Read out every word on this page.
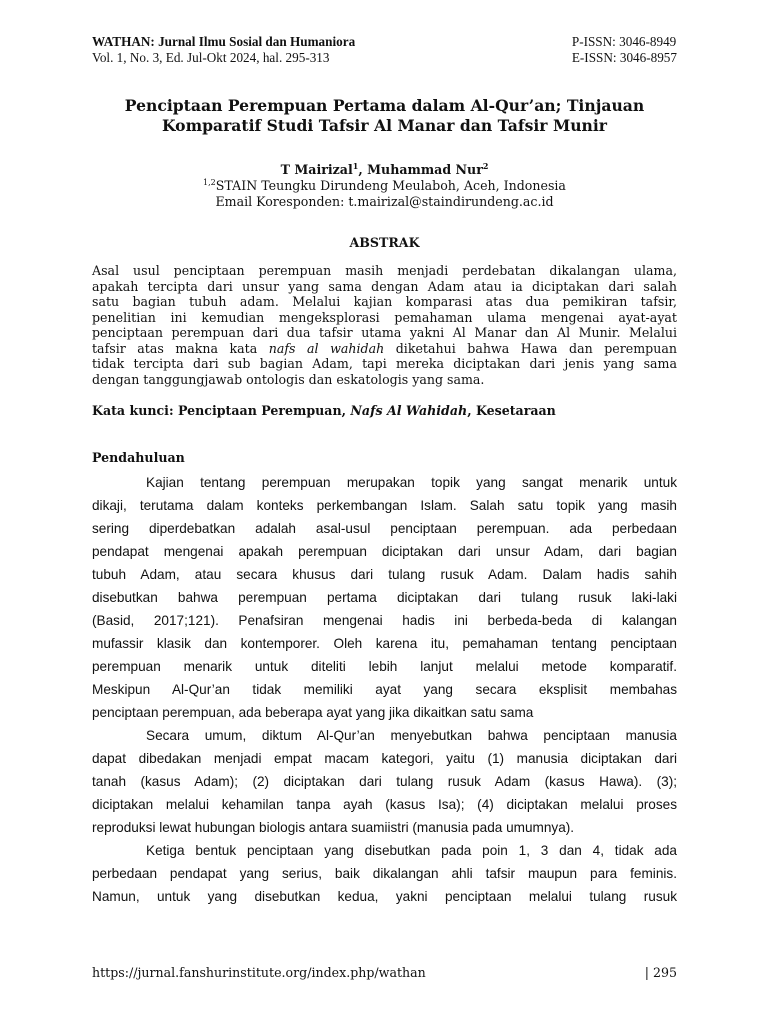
WATHAN: Jurnal Ilmu Sosial dan Humaniora
Vol. 1, No. 3, Ed. Jul-Okt 2024, hal. 295-313
P-ISSN: 3046-8949
E-ISSN: 3046-8957
Penciptaan Perempuan Pertama dalam Al-Qur’an; Tinjauan
Komparatif Studi Tafsir Al Manar dan Tafsir Munir
T Mairizal$^1$, Muhammad Nur$^2$
$^{1,2}$STAIN Teungku Dirundeng Meulaboh, Aceh, Indonesia
Email Koresponden: t.mairizal@staindirundeng.ac.id
ABSTRAK
Asal usul penciptaan perempuan masih menjadi perdebatan dikalangan ulama,
apakah tercipta dari unsur yang sama dengan Adam atau ia diciptakan dari salah
satu bagian tubuh adam. Melalui kajian komparasi atas dua pemikiran tafsir,
penelitian ini kemudian mengeksplorasi pemahaman ulama mengenai ayat-ayat
penciptaan perempuan dari dua tafsir utama yakni Al Manar dan Al Munir. Melalui
tafsir atas makna kata nafs al wahidah diketahui bahwa Hawa dan perempuan
tidak tercipta dari sub bagian Adam, tapi mereka diciptakan dari jenis yang sama
dengan tanggungjawab ontologis dan eskatologis yang sama.
Kata kunci: Penciptaan Perempuan, Nafs Al Wahidah, Kesetaraan
Pendahuluan
Kajian tentang perempuan merupakan topik yang sangat menarik untuk
dikaji, terutama dalam konteks perkembangan Islam. Salah satu topik yang masih
sering diperdebatkan adalah asal-usul penciptaan perempuan. ada perbedaan
pendapat mengenai apakah perempuan diciptakan dari unsur Adam, dari bagian
tubuh Adam, atau secara khusus dari tulang rusuk Adam. Dalam hadis sahih
disebutkan bahwa perempuan pertama diciptakan dari tulang rusuk laki-laki
(Basid, 2017;121). Penafsiran mengenai hadis ini berbeda-beda di kalangan
mufassir klasik dan kontemporer. Oleh karena itu, pemahaman tentang penciptaan
perempuan menarik untuk diteliti lebih lanjut melalui metode komparatif.
Meskipun Al-Qur’an tidak memiliki ayat yang secara eksplisit membahas
penciptaan perempuan, ada beberapa ayat yang jika dikaitkan satu sama
Secara umum, diktum Al-Qur’an menyebutkan bahwa penciptaan manusia
dapat dibedakan menjadi empat macam kategori, yaitu (1) manusia diciptakan dari
tanah (kasus Adam); (2) diciptakan dari tulang rusuk Adam (kasus Hawa). (3);
diciptakan melalui kehamilan tanpa ayah (kasus Isa); (4) diciptakan melalui proses
reproduksi lewat hubungan biologis antara suamiistri (manusia pada umumnya).
Ketiga bentuk penciptaan yang disebutkan pada poin 1, 3 dan 4, tidak ada
perbedaan pendapat yang serius, baik dikalangan ahli tafsir maupun para feminis.
Namun, untuk yang disebutkan kedua, yakni penciptaan melalui tulang rusuk
https://jurnal.fanshurinstitute.org/index.php/wathan	| 295
